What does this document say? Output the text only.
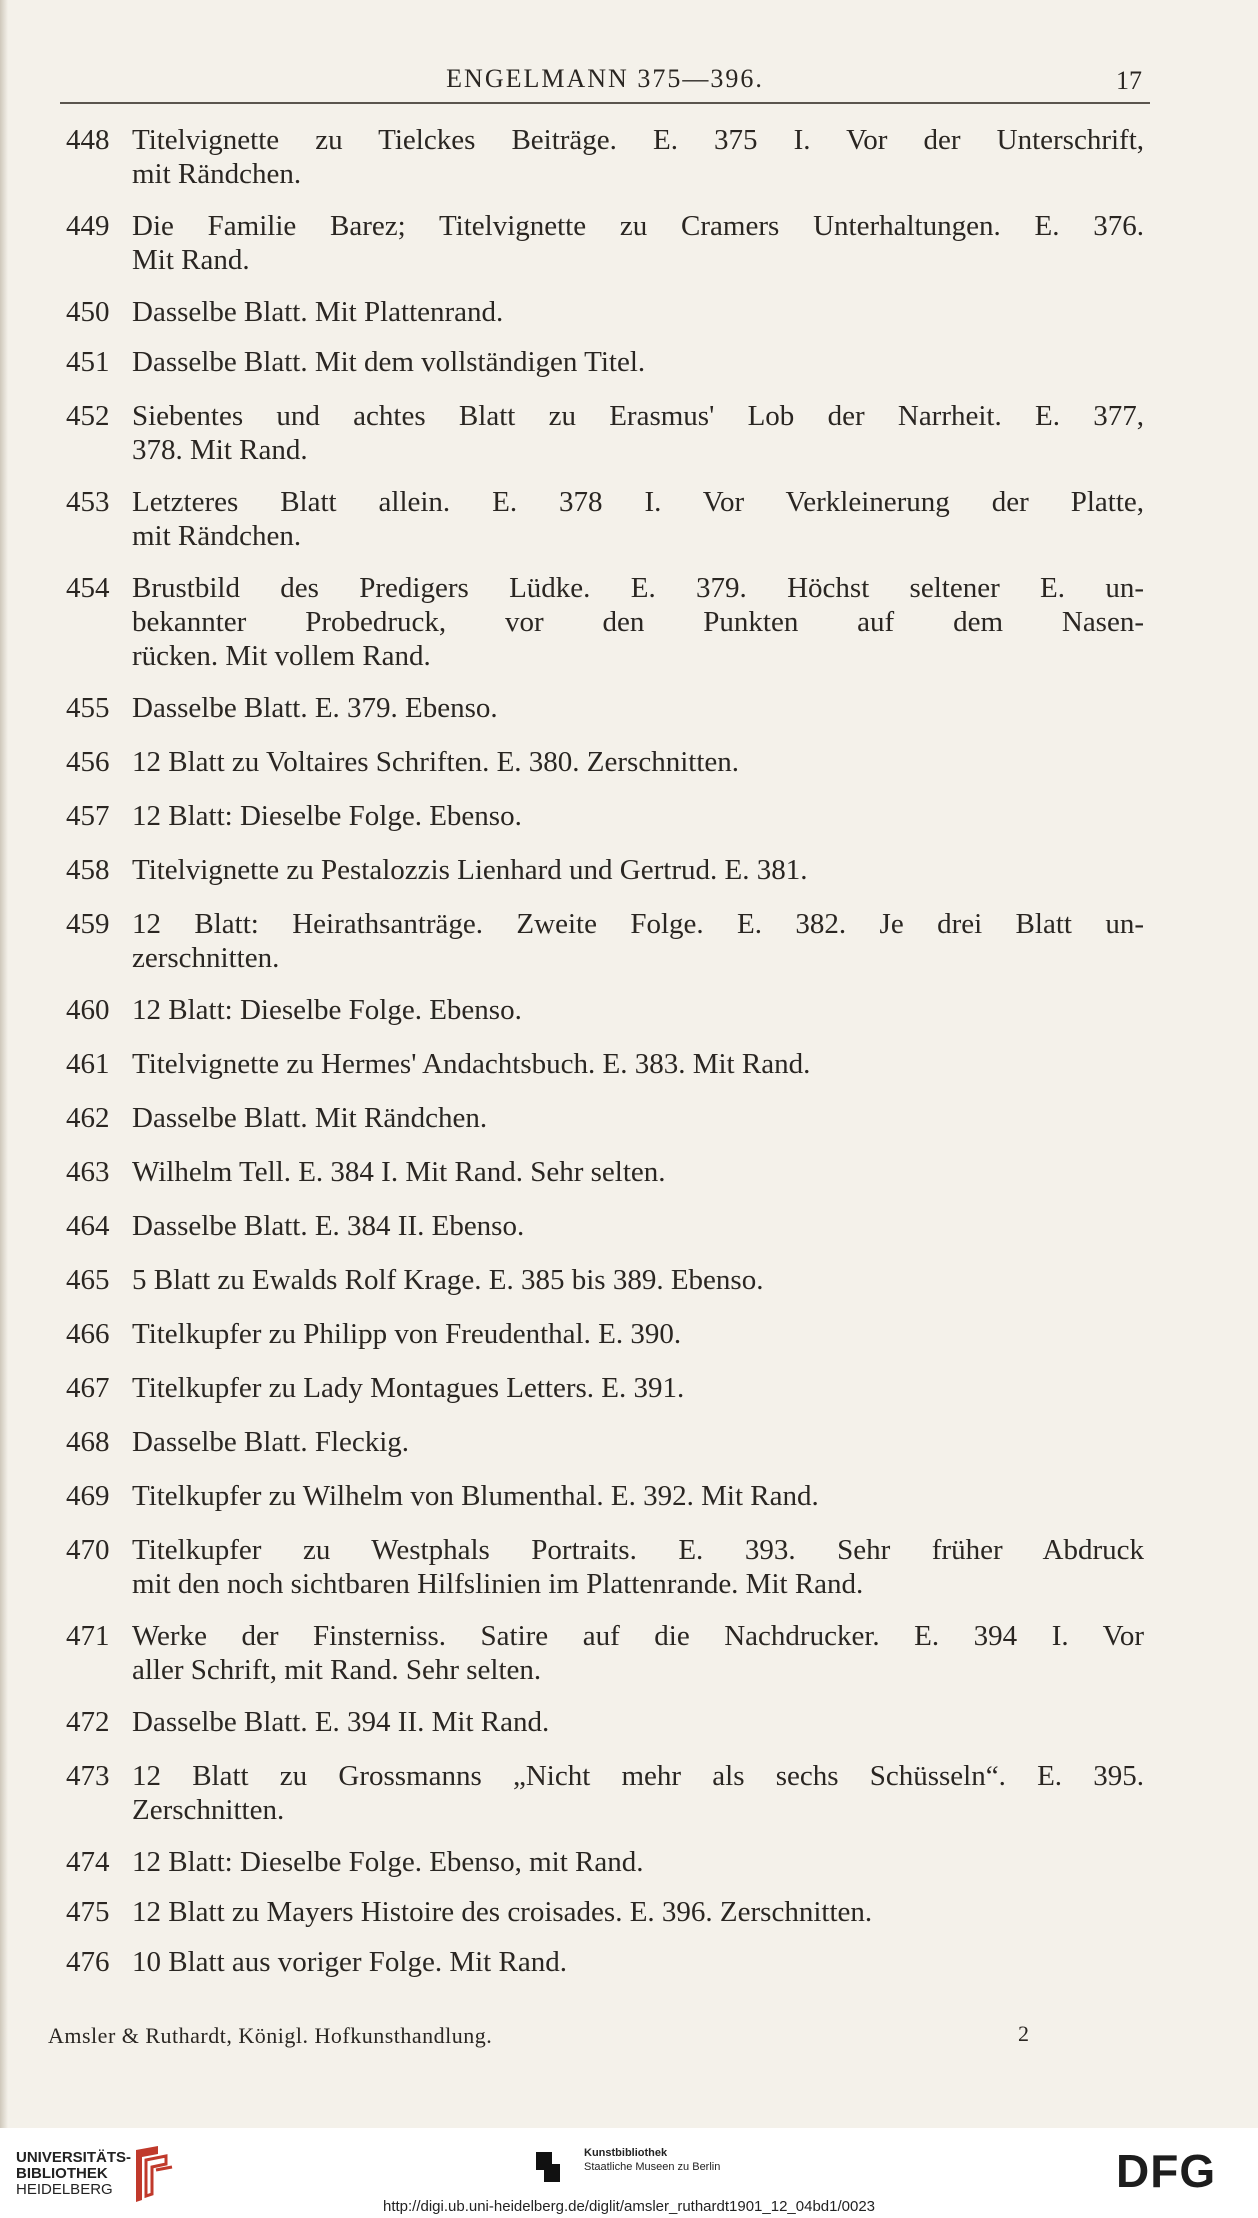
ENGELMANN 375—396.	17
448 Titelvignette zu Tielckes Beiträge. E. 375 I. Vor der Unterschrift,
mit Rändchen.
449 Die Familie Barez; Titelvignette zu Cramers Unterhaltungen. E. 376.
Mit Rand.
450 Dasselbe Blatt. Mit Plattenrand.
451 Dasselbe Blatt. Mit dem vollständigen Titel.
452 Siebentes und achtes Blatt zu Erasmus' Lob der Narrheit. E. 377,
378. Mit Rand.
453 Letzteres Blatt allein. E. 378 I. Vor Verkleinerung der Platte,
mit Rändchen.
454 Brustbild des Predigers Lüdke. E. 379. Höchst seltener E. un-
bekannter Probedruck, vor den Punkten auf dem Nasen-
rücken. Mit vollem Rand.
455 Dasselbe Blatt. E. 379. Ebenso.
456 12 Blatt zu Voltaires Schriften. E. 380. Zerschnitten.
457 12 Blatt: Dieselbe Folge. Ebenso.
458 Titelvignette zu Pestalozzis Lienhard und Gertrud. E. 381.
459 12 Blatt: Heirathsanträge. Zweite Folge. E. 382. Je drei Blatt un-
zerschnitten.
460 12 Blatt: Dieselbe Folge. Ebenso.
461 Titelvignette zu Hermes' Andachtsbuch. E. 383. Mit Rand.
462 Dasselbe Blatt. Mit Rändchen.
463 Wilhelm Tell. E. 384 I. Mit Rand. Sehr selten.
464 Dasselbe Blatt. E. 384 II. Ebenso.
465 5 Blatt zu Ewalds Rolf Krage. E. 385 bis 389. Ebenso.
466 Titelkupfer zu Philipp von Freudenthal. E. 390.
467 Titelkupfer zu Lady Montagues Letters. E. 391.
468 Dasselbe Blatt. Fleckig.
469 Titelkupfer zu Wilhelm von Blumenthal. E. 392. Mit Rand.
470 Titelkupfer zu Westphals Portraits. E. 393. Sehr früher Abdruck
mit den noch sichtbaren Hilfslinien im Plattenrande. Mit Rand.
471 Werke der Finsterniss. Satire auf die Nachdrucker. E. 394 I. Vor
aller Schrift, mit Rand. Sehr selten.
472 Dasselbe Blatt. E. 394 II. Mit Rand.
473 12 Blatt zu Grossmanns „Nicht mehr als sechs Schüsseln“. E. 395.
Zerschnitten.
474 12 Blatt: Dieselbe Folge. Ebenso, mit Rand.
475 12 Blatt zu Mayers Histoire des croisades. E. 396. Zerschnitten.
476 10 Blatt aus voriger Folge. Mit Rand.
Amsler & Ruthardt, Königl. Hofkunsthandlung.	2
UNIVERSITÄTS-
BIBLIOTHEK
HEIDELBERG
Kunstbibliothek
Staatliche Museen zu Berlin	DFG
http://digi.ub.uni-heidelberg.de/diglit/amsler_ruthardt1901_12_04bd1/0023
